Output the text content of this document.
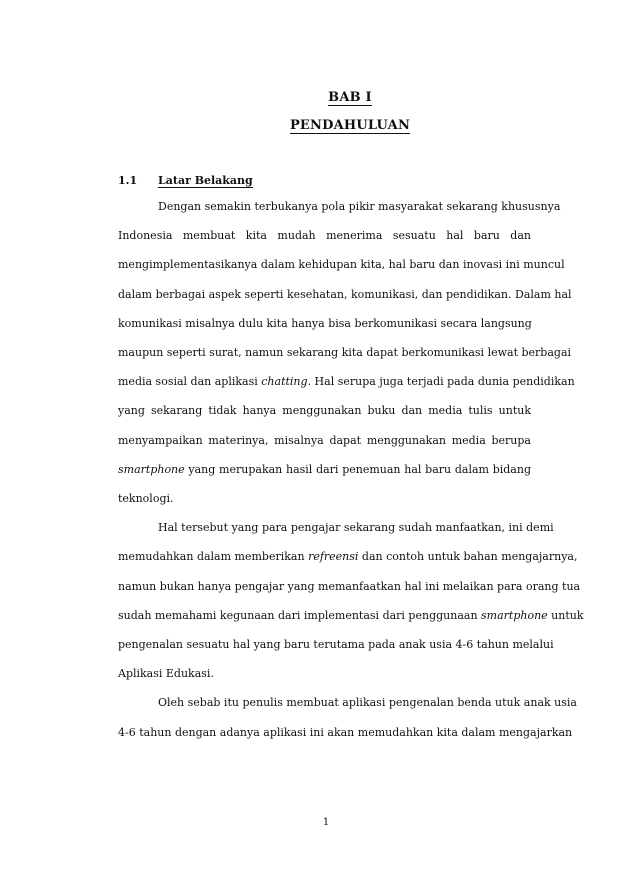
BAB I
PENDAHULUAN
1.1 Latar Belakang
Dengan semakin terbukanya pola pikir masyarakat sekarang khususnya
Indonesia membuat kita mudah menerima sesuatu hal baru dan
mengimplementasikanya dalam kehidupan kita, hal baru dan inovasi ini muncul
dalam berbagai aspek seperti kesehatan, komunikasi, dan pendidikan. Dalam hal
komunikasi misalnya dulu kita hanya bisa berkomunikasi secara langsung
maupun seperti surat, namun sekarang kita dapat berkomunikasi lewat berbagai
media sosial dan aplikasi chatting. Hal serupa juga terjadi pada dunia pendidikan
yang sekarang tidak hanya menggunakan buku dan media tulis untuk
menyampaikan materinya, misalnya dapat menggunakan media berupa
smartphone yang merupakan hasil dari penemuan hal baru dalam bidang
teknologi.
Hal tersebut yang para pengajar sekarang sudah manfaatkan, ini demi
memudahkan dalam memberikan refreensi dan contoh untuk bahan mengajarnya,
namun bukan hanya pengajar yang memanfaatkan hal ini melaikan para orang tua
sudah memahami kegunaan dari implementasi dari penggunaan smartphone untuk
pengenalan sesuatu hal yang baru terutama pada anak usia 4-6 tahun melalui
Aplikasi Edukasi.
Oleh sebab itu penulis membuat aplikasi pengenalan benda utuk anak usia
4-6 tahun dengan adanya aplikasi ini akan memudahkan kita dalam mengajarkan
1
